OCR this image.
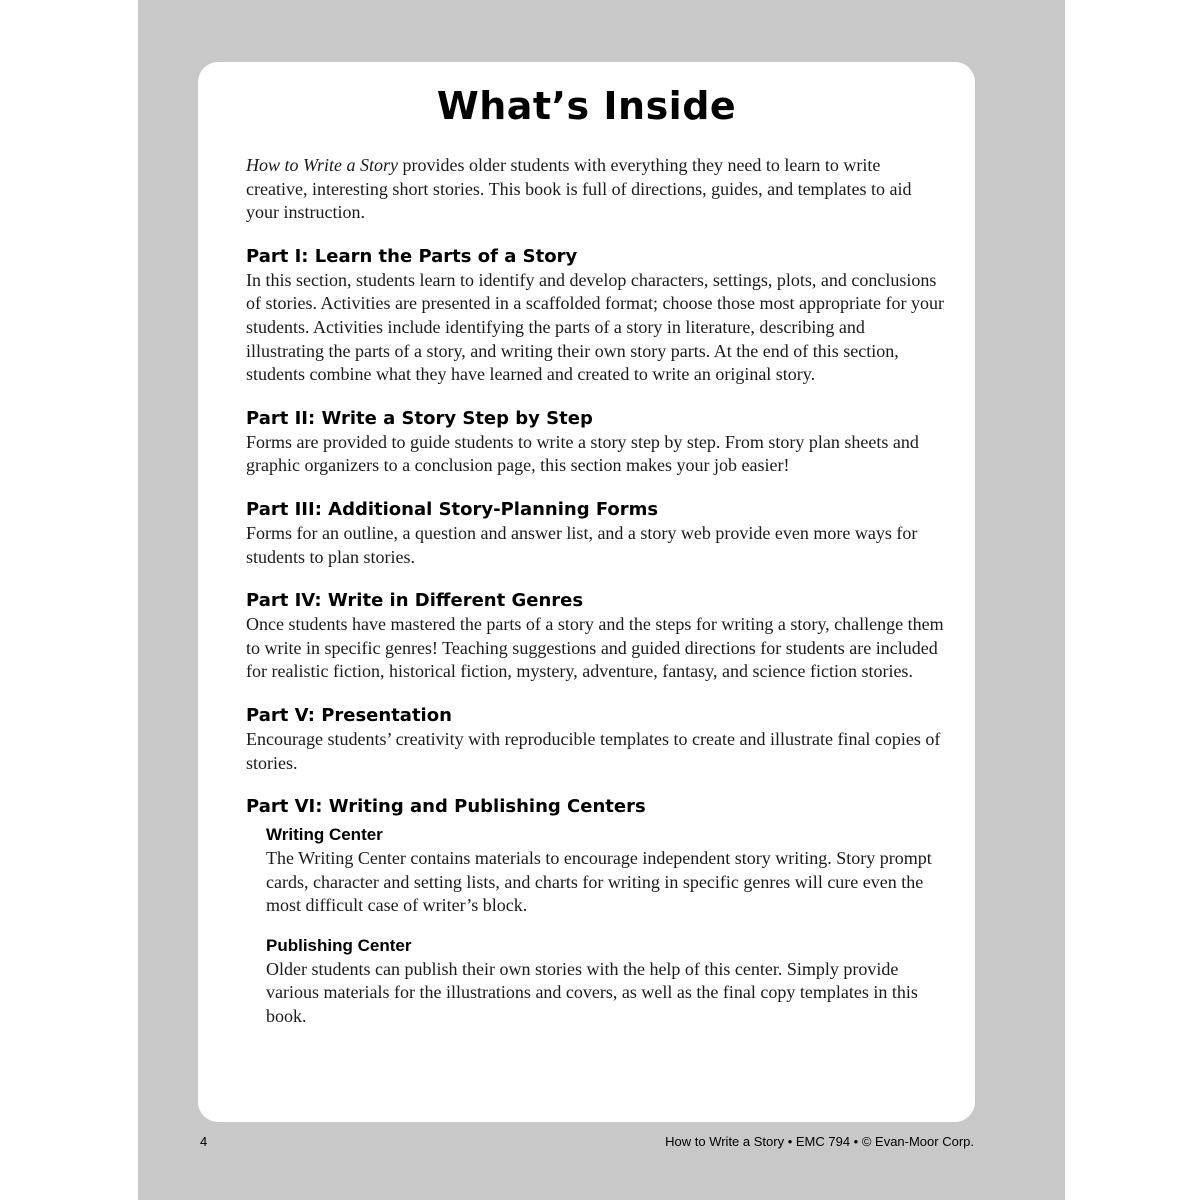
What’s Inside

How to Write a Story provides older students with everything they need to learn to write creative, interesting short stories. This book is full of directions, guides, and templates to aid your instruction.

Part I: Learn the Parts of a Story

In this section, students learn to identify and develop characters, settings, plots, and conclusions of stories. Activities are presented in a scaffolded format; choose those most appropriate for your students. Activities include identifying the parts of a story in literature, describing and illustrating the parts of a story, and writing their own story parts. At the end of this section, students combine what they have learned and created to write an original story.

Part II: Write a Story Step by Step

Forms are provided to guide students to write a story step by step. From story plan sheets and graphic organizers to a conclusion page, this section makes your job easier!

Part III: Additional Story-Planning Forms

Forms for an outline, a question and answer list, and a story web provide even more ways for students to plan stories.

Part IV: Write in Different Genres

Once students have mastered the parts of a story and the steps for writing a story, challenge them to write in specific genres! Teaching suggestions and guided directions for students are included for realistic fiction, historical fiction, mystery, adventure, fantasy, and science fiction stories.

Part V: Presentation

Encourage students’ creativity with reproducible templates to create and illustrate final copies of stories.

Part VI: Writing and Publishing Centers
Writing Center

The Writing Center contains materials to encourage independent story writing. Story prompt cards, character and setting lists, and charts for writing in specific genres will cure even the most difficult case of writer’s block.

Publishing Center

Older students can publish their own stories with the help of this center. Simply provide various materials for the illustrations and covers, as well as the final copy templates in this book.

4	How to Write a Story • EMC 794 • © Evan-Moor Corp.
